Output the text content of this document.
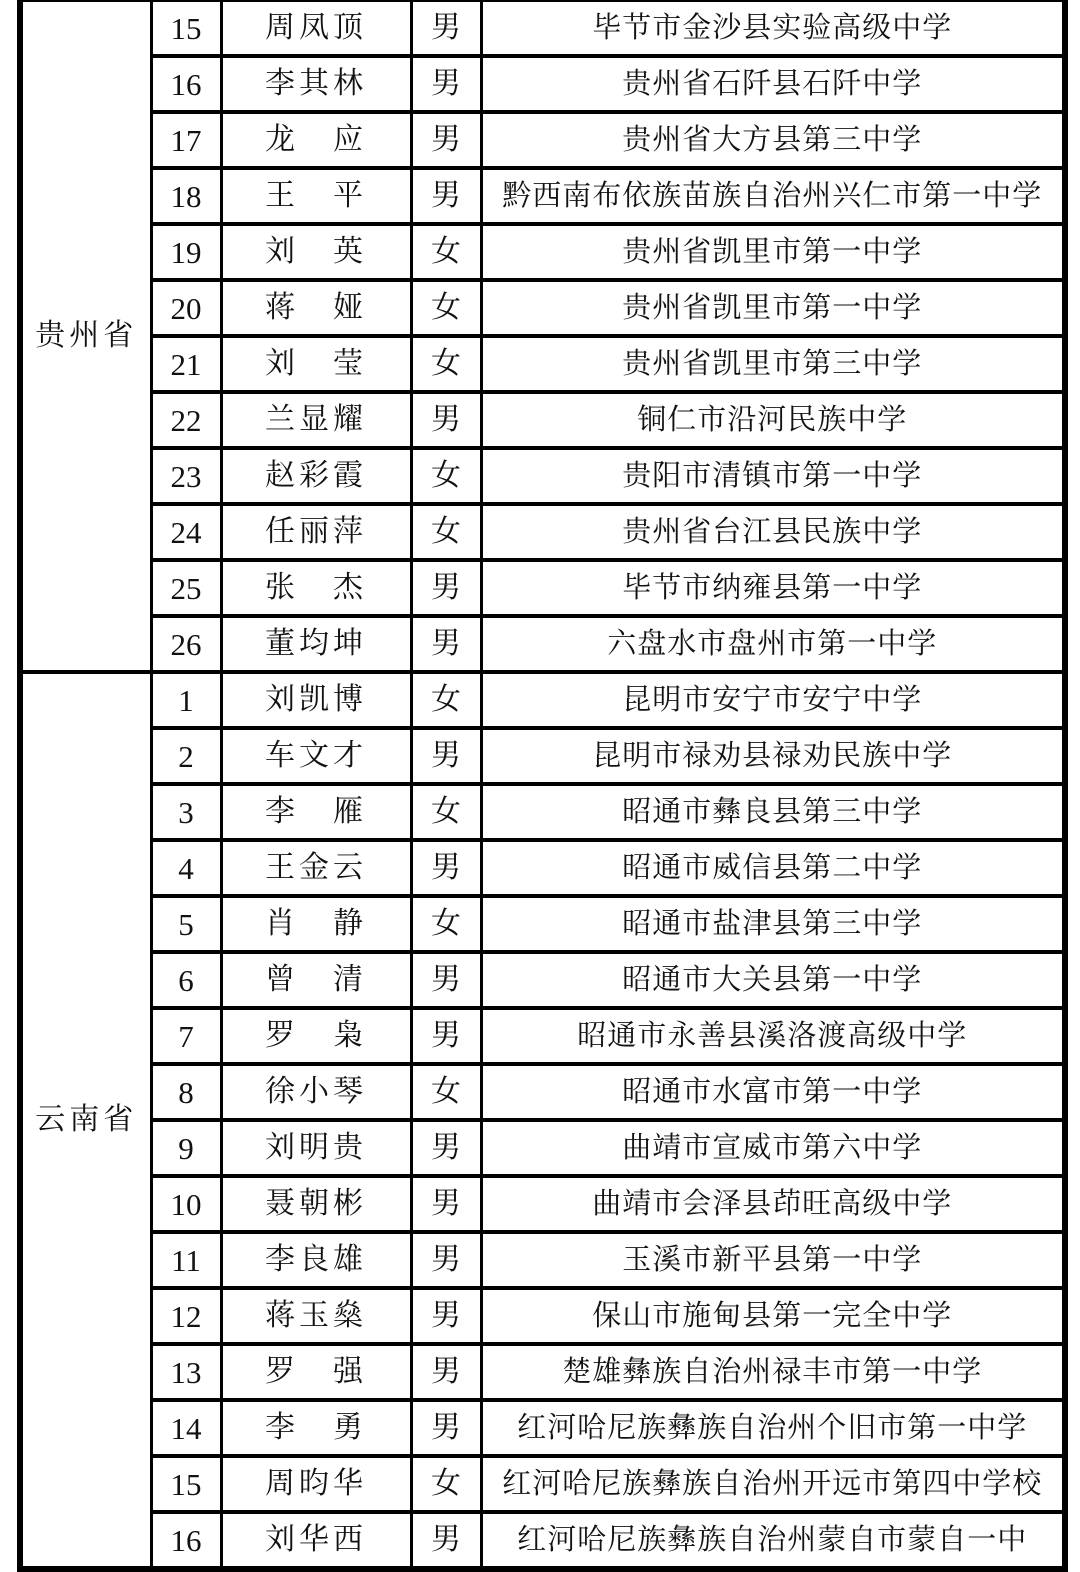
贵州省	15	周凤顶	男	毕节市金沙县实验高级中学
	16	李其林	男	贵州省石阡县石阡中学
	17	龙　应	男	贵州省大方县第三中学
	18	王　平	男	黔西南布依族苗族自治州兴仁市第一中学
	19	刘　英	女	贵州省凯里市第一中学
	20	蒋　娅	女	贵州省凯里市第一中学
	21	刘　莹	女	贵州省凯里市第三中学
	22	兰显耀	男	铜仁市沿河民族中学
	23	赵彩霞	女	贵阳市清镇市第一中学
	24	任丽萍	女	贵州省台江县民族中学
	25	张　杰	男	毕节市纳雍县第一中学
	26	董均坤	男	六盘水市盘州市第一中学
云南省	1	刘凯博	女	昆明市安宁市安宁中学
	2	车文才	男	昆明市禄劝县禄劝民族中学
	3	李　雁	女	昭通市彝良县第三中学
	4	王金云	男	昭通市威信县第二中学
	5	肖　静	女	昭通市盐津县第三中学
	6	曾　清	男	昭通市大关县第一中学
	7	罗　枭	男	昭通市永善县溪洛渡高级中学
	8	徐小琴	女	昭通市水富市第一中学
	9	刘明贵	男	曲靖市宣威市第六中学
	10	聂朝彬	男	曲靖市会泽县茚旺高级中学
	11	李良雄	男	玉溪市新平县第一中学
	12	蒋玉燊	男	保山市施甸县第一完全中学
	13	罗　强	男	楚雄彝族自治州禄丰市第一中学
	14	李　勇	男	红河哈尼族彝族自治州个旧市第一中学
	15	周昀华	女	红河哈尼族彝族自治州开远市第四中学校
	16	刘华西	男	红河哈尼族彝族自治州蒙自市蒙自一中
